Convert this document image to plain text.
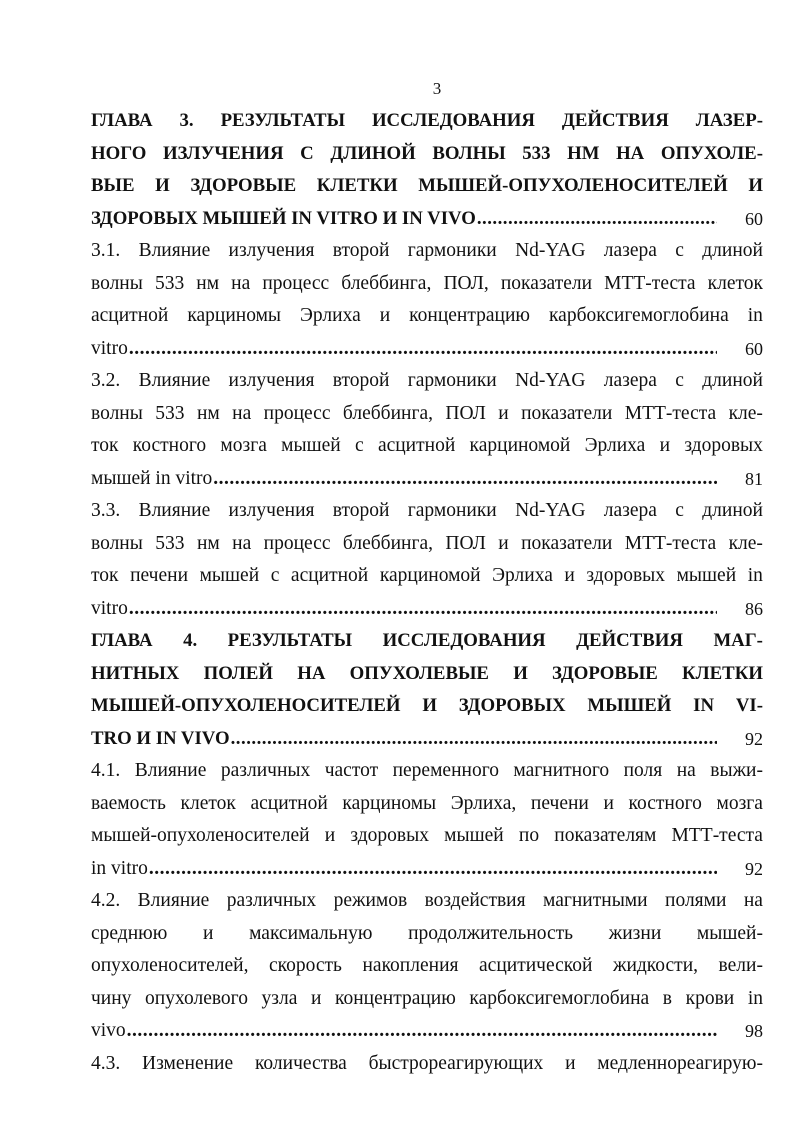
3
ГЛАВА 3. РЕЗУЛЬТАТЫ ИССЛЕДОВАНИЯ ДЕЙСТВИЯ ЛАЗЕР-
НОГО ИЗЛУЧЕНИЯ С ДЛИНОЙ ВОЛНЫ 533 НМ НА ОПУХОЛЕ-
ВЫЕ И ЗДОРОВЫЕ КЛЕТКИ МЫШЕЙ-ОПУХОЛЕНОСИТЕЛЕЙ И
ЗДОРОВЫХ МЫШЕЙ IN VITRO И IN VIVO .....	60
3.1. Влияние излучения второй гармоники Nd-YAG лазера с длиной
волны 533 нм на процесс блеббинга, ПОЛ, показатели МТТ-теста клеток
асцитной карциномы Эрлиха и концентрацию карбоксигемоглобина in
vitro .....	60
3.2. Влияние излучения второй гармоники Nd-YAG лазера с длиной
волны 533 нм на процесс блеббинга, ПОЛ и показатели МТТ-теста кле-
ток костного мозга мышей с асцитной карциномой Эрлиха и здоровых
мышей in vitro .....	81
3.3. Влияние излучения второй гармоники Nd-YAG лазера с длиной
волны 533 нм на процесс блеббинга, ПОЛ и показатели МТТ-теста кле-
ток печени мышей с асцитной карциномой Эрлиха и здоровых мышей in
vitro .....	86
ГЛАВА 4. РЕЗУЛЬТАТЫ ИССЛЕДОВАНИЯ ДЕЙСТВИЯ МАГ-
НИТНЫХ ПОЛЕЙ НА ОПУХОЛЕВЫЕ И ЗДОРОВЫЕ КЛЕТКИ
МЫШЕЙ-ОПУХОЛЕНОСИТЕЛЕЙ И ЗДОРОВЫХ МЫШЕЙ IN VI-
TRO И IN VIVO .....	92
4.1. Влияние различных частот переменного магнитного поля на выжи-
ваемость клеток асцитной карциномы Эрлиха, печени и костного мозга
мышей-опухоленосителей и здоровых мышей по показателям МТТ-теста
in vitro .....	92
4.2. Влияние различных режимов воздействия магнитными полями на
среднюю и максимальную продолжительность жизни мышей-
опухоленосителей, скорость накопления асцитической жидкости, вели-
чину опухолевого узла и концентрацию карбоксигемоглобина в крови in
vivo .....	98
4.3. Изменение количества быстрореагирующих и медленнореагирую-
